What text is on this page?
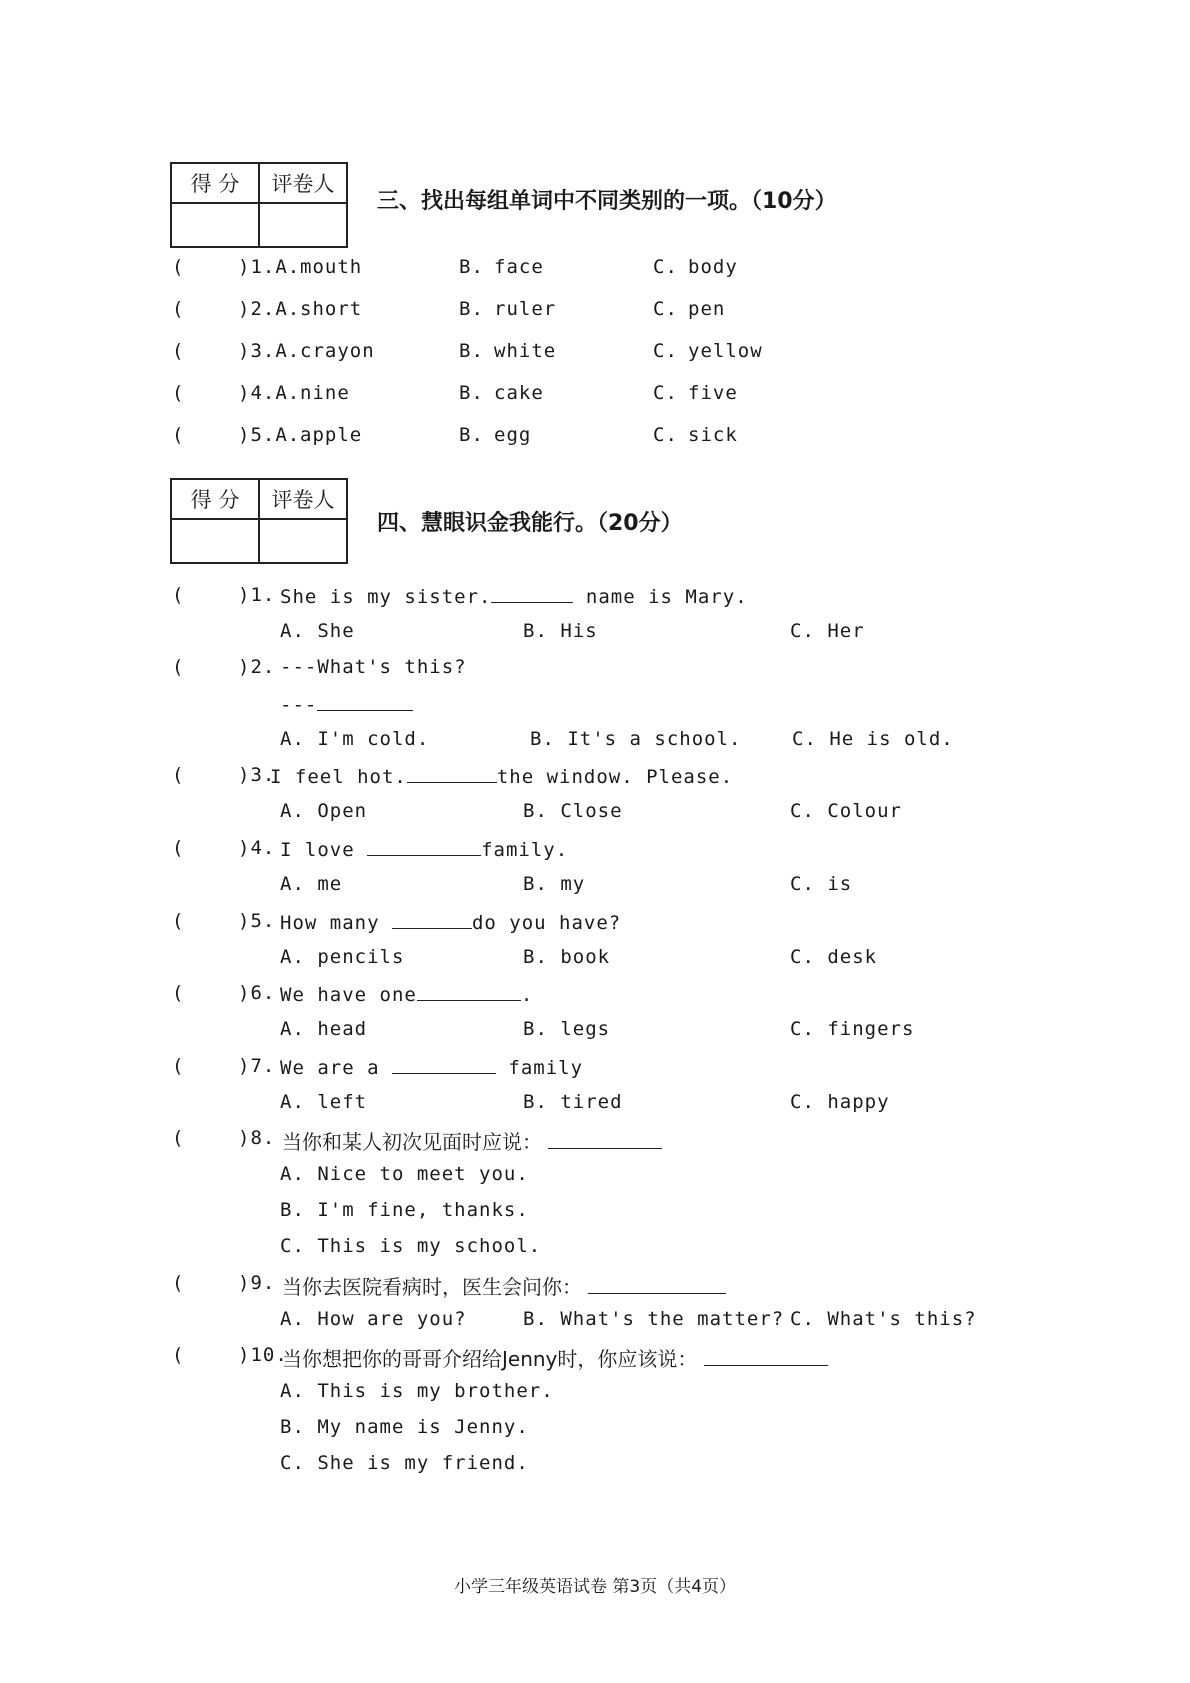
得 分	评卷人

三、找出每组单词中不同类别的一项。（10分）
(	)1.A. mouth	B. face	C. body
(	)2.A. short	B. ruler	C. pen
(	)3.A. crayon	B. white	C. yellow
(	)4.A. nine	B. cake	C. five
(	)5.A. apple	B. egg	C. sick
得 分	评卷人

四、慧眼识金我能行。（20分）
(	)1. She is my sister.	name is Mary.
A. She	B. His	C. Her
(	)2. ---What's this?
---
A. I'm cold.	B. It's a school.	C. He is old.
(	)3.
I feel hot.	the window. Please.
A. Open	B. Close	C. Colour
(	)4. I love	family.
A. me	B. my	C. is
(	)5. How many	do you have?
A. pencils	B. book	C. desk
(	)6. We have one	.
A. head	B. legs	C. fingers
(	)7. We are a	family
A. left	B. tired	C. happy
(	)8. 当你和某人初次见面时应说：
A. Nice to meet you.
B. I'm fine, thanks.
C. This is my school.
(	)9. 当你去医院看病时，医生会问你：
A. How are you?	B. What's the matter? C. What's this?
(	)10.
当你想把你的哥哥介绍给Jenny时，你应该说：
A. This is my brother.
B. My name is Jenny.
C. She is my friend.
小学三年级英语试卷 第3页（共4页）
